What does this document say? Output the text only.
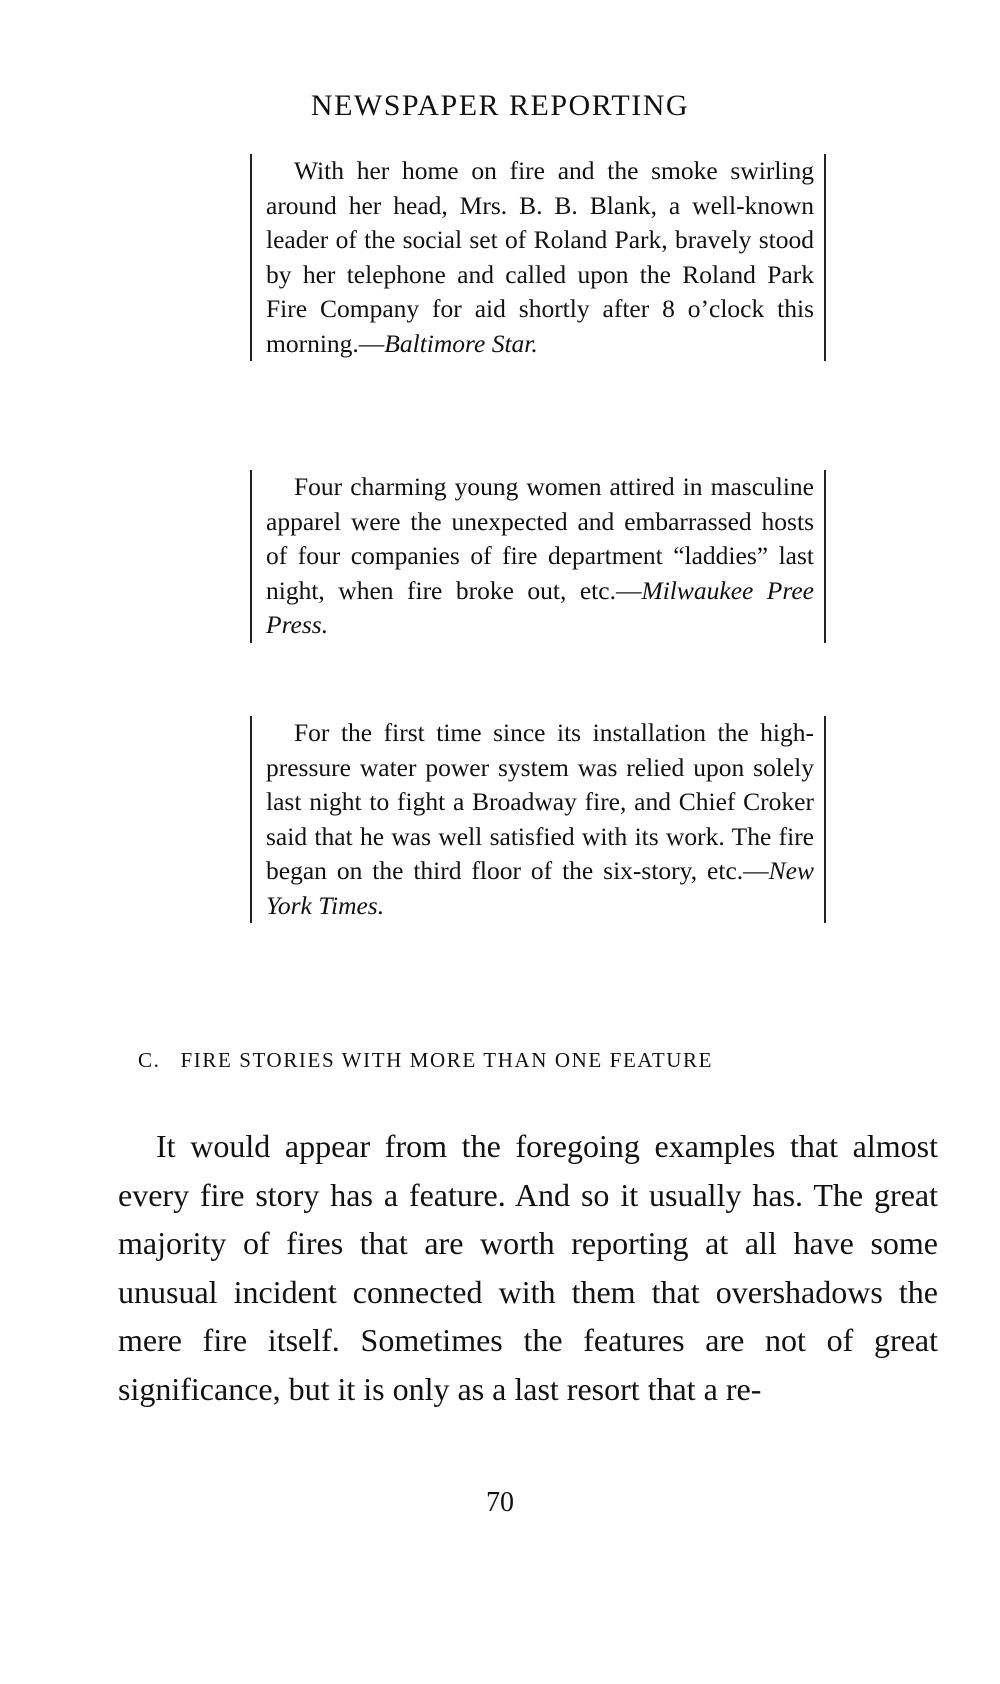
NEWSPAPER REPORTING

With her home on fire and the smoke swirling around her head, Mrs. B. B. Blank, a well-known leader of the social set of Roland Park, bravely stood by her telephone and called upon the Roland Park Fire Company for aid shortly after 8 o’clock this morning.—Baltimore Star.

Four charming young women attired in masculine apparel were the unexpected and embarrassed hosts of four companies of fire department “laddies” last night, when fire broke out, etc.—Milwaukee Pree Press.

For the first time since its installation the high-pressure water power system was relied upon solely last night to fight a Broadway fire, and Chief Croker said that he was well satisfied with its work. The fire began on the third floor of the six-story, etc.—New York Times.

C. FIRE STORIES WITH MORE THAN ONE FEATURE

It would appear from the foregoing examples that almost every fire story has a feature. And so it usually has. The great majority of fires that are worth reporting at all have some unusual incident connected with them that overshadows the mere fire itself. Sometimes the features are not of great significance, but it is only as a last resort that a re-

70
